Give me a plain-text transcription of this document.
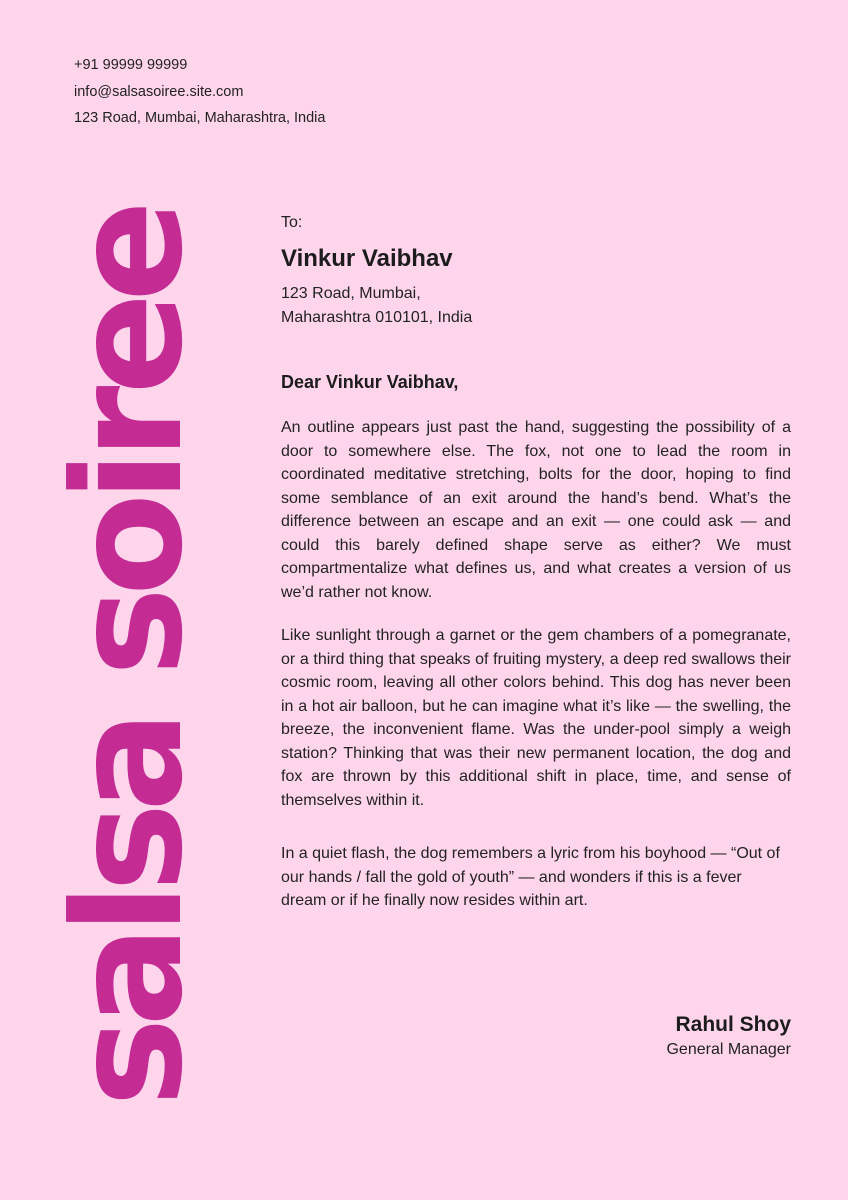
+91 99999 99999
info@salsasoiree.site.com
123 Road, Mumbai, Maharashtra, India
salsa soiree	To:
Vinkur Vaibhav
123 Road, Mumbai,
Maharashtra 010101, India
Dear Vinkur Vaibhav,

An outline appears just past the hand, suggesting the possibility of a door to somewhere else. The fox, not one to lead the room in coordinated meditative stretching, bolts for the door, hoping to find some semblance of an exit around the hand’s bend. What’s the difference between an escape and an exit — one could ask — and could this barely defined shape serve as either? We must compartmentalize what defines us, and what creates a version of us we’d rather not know.

Like sunlight through a garnet or the gem chambers of a pomegranate, or a third thing that speaks of fruiting mystery, a deep red swallows their cosmic room, leaving all other colors behind. This dog has never been in a hot air balloon, but he can imagine what it’s like — the swelling, the breeze, the inconvenient flame. Was the under-pool simply a weigh station? Thinking that was their new permanent location, the dog and fox are thrown by this additional shift in place, time, and sense of themselves within it.

In a quiet flash, the dog remembers a lyric from his boyhood — “Out of our hands / fall the gold of youth” — and wonders if this is a fever dream or if he finally now resides within art.

Rahul Shoy
General Manager
